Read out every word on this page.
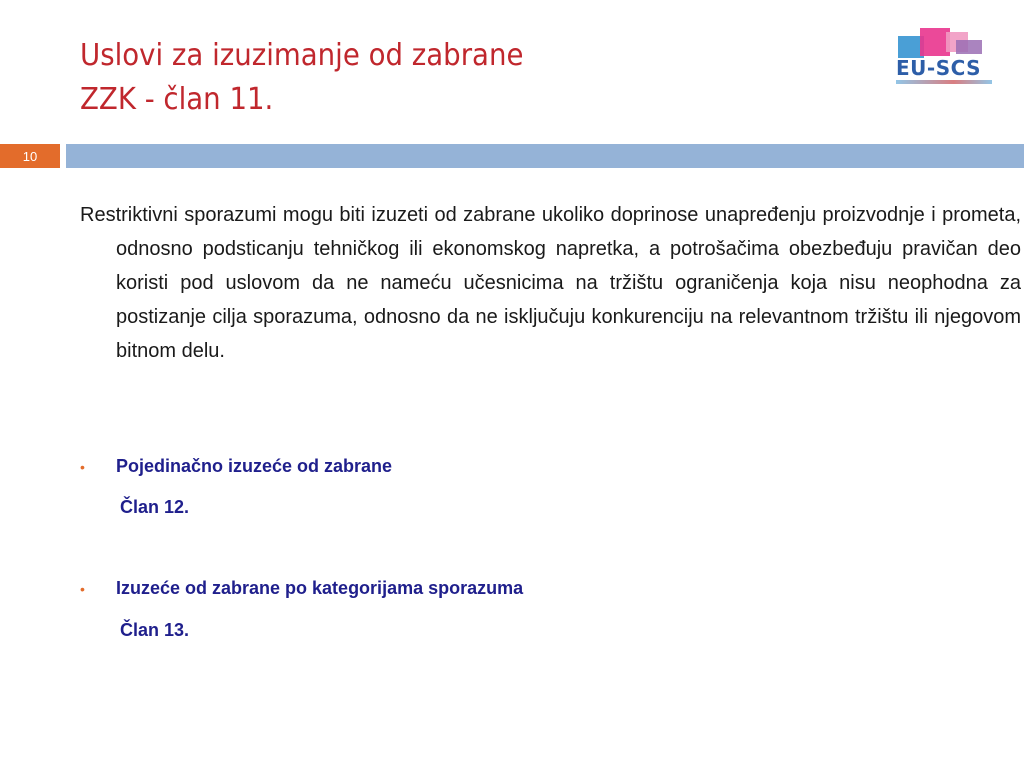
Uslovi za izuzimanje od zabrane
ZZK - član 11.
EU-SCS
10
Restriktivni sporazumi mogu biti izuzeti od zabrane ukoliko doprinose unapređenju proizvodnje i prometa, odnosno podsticanju tehničkog ili ekonomskog napretka, a potrošačima obezbeđuju pravičan deo koristi pod uslovom da ne nameću učesnicima na tržištu ograničenja koja nisu neophodna za postizanje cilja sporazuma, odnosno da ne isključuju konkurenciju na relevantnom tržištu ili njegovom bitnom delu.
•	Pojedinačno izuzeće od zabrane
Član 12.
•	Izuzeće od zabrane po kategorijama sporazuma
Član 13.
